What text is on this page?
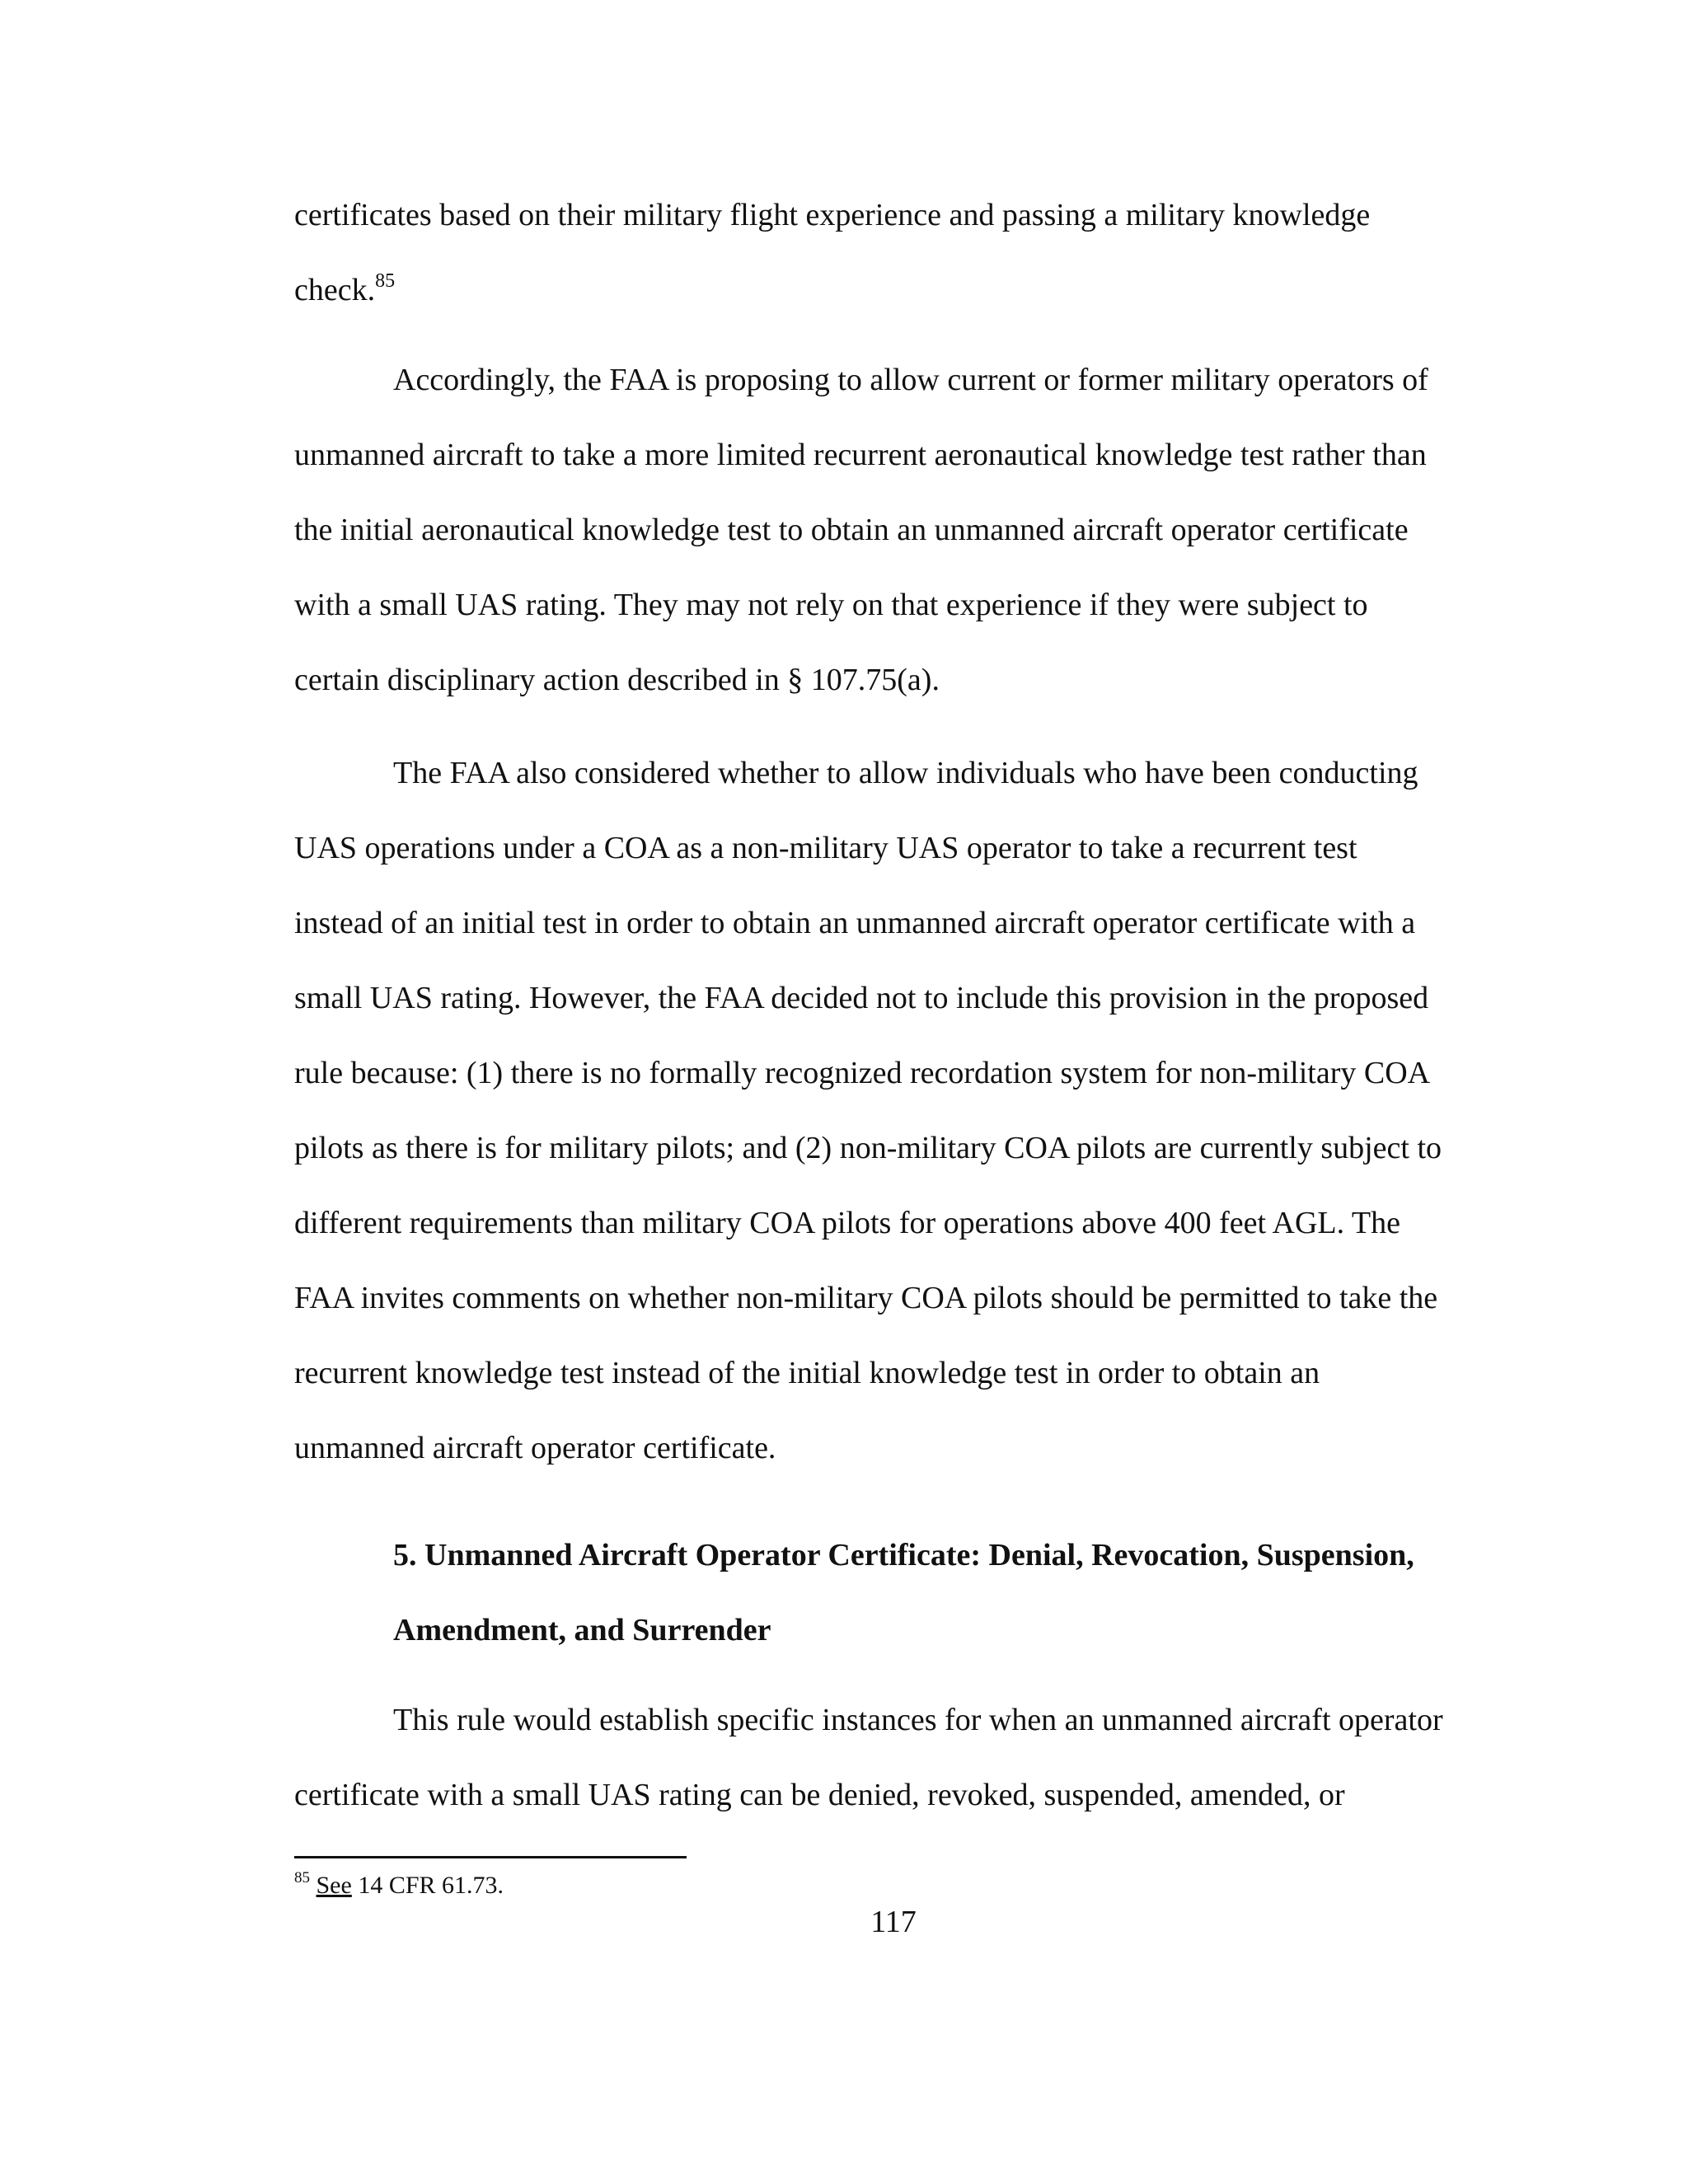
certificates based on their military flight experience and passing a military knowledge
check.$^{85}$
Accordingly, the FAA is proposing to allow current or former military operators of
unmanned aircraft to take a more limited recurrent aeronautical knowledge test rather than
the initial aeronautical knowledge test to obtain an unmanned aircraft operator certificate
with a small UAS rating. They may not rely on that experience if they were subject to
certain disciplinary action described in § 107.75(a).
The FAA also considered whether to allow individuals who have been conducting
UAS operations under a COA as a non-military UAS operator to take a recurrent test
instead of an initial test in order to obtain an unmanned aircraft operator certificate with a
small UAS rating. However, the FAA decided not to include this provision in the proposed
rule because: (1) there is no formally recognized recordation system for non-military COA
pilots as there is for military pilots; and (2) non-military COA pilots are currently subject to
different requirements than military COA pilots for operations above 400 feet AGL. The
FAA invites comments on whether non-military COA pilots should be permitted to take the
recurrent knowledge test instead of the initial knowledge test in order to obtain an
unmanned aircraft operator certificate.
5. Unmanned Aircraft Operator Certificate: Denial, Revocation, Suspension,
Amendment, and Surrender
This rule would establish specific instances for when an unmanned aircraft operator
certificate with a small UAS rating can be denied, revoked, suspended, amended, or
$^{85}$ See 14 CFR 61.73.
117
